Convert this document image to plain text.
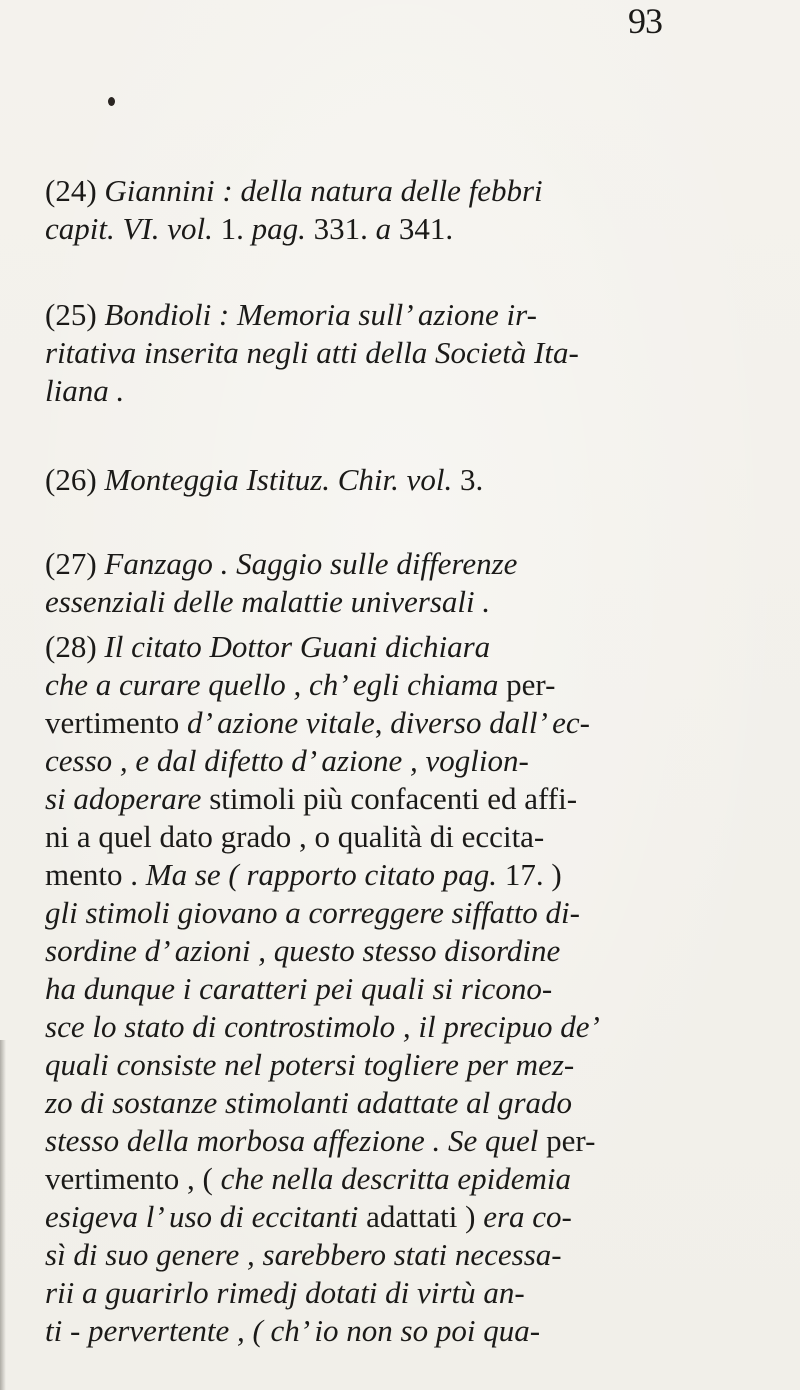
93
(24) Giannini : della natura delle febbri
capit. VI. vol. 1. pag. 331. a 341.
(25) Bondioli : Memoria sull’ azione ir-
ritativa inserita negli atti della Società Ita-
liana .
(26) Monteggia Istituz. Chir. vol. 3.
(27) Fanzago . Saggio sulle differenze
essenziali delle malattie universali .
(28) Il citato Dottor Guani dichiara
che a curare quello , ch’ egli chiama per-
vertimento d’ azione vitale, diverso dall’ ec-
cesso , e dal difetto d’ azione , voglion-
si adoperare stimoli più confacenti ed affi-
ni a quel dato grado , o qualità di eccita-
mento . Ma se ( rapporto citato pag. 17. )
gli stimoli giovano a correggere siffatto di-
sordine d’ azioni , questo stesso disordine
ha dunque i caratteri pei quali si ricono-
sce lo stato di controstimolo , il precipuo de’
quali consiste nel potersi togliere per mez-
zo di sostanze stimolanti adattate al grado
stesso della morbosa affezione . Se quel per-
vertimento , ( che nella descritta epidemia
esigeva l’ uso di eccitanti adattati ) era co-
sì di suo genere , sarebbero stati necessa-
rii a guarirlo rimedj dotati di virtù an-
ti - pervertente , ( ch’ io non so poi qua-
